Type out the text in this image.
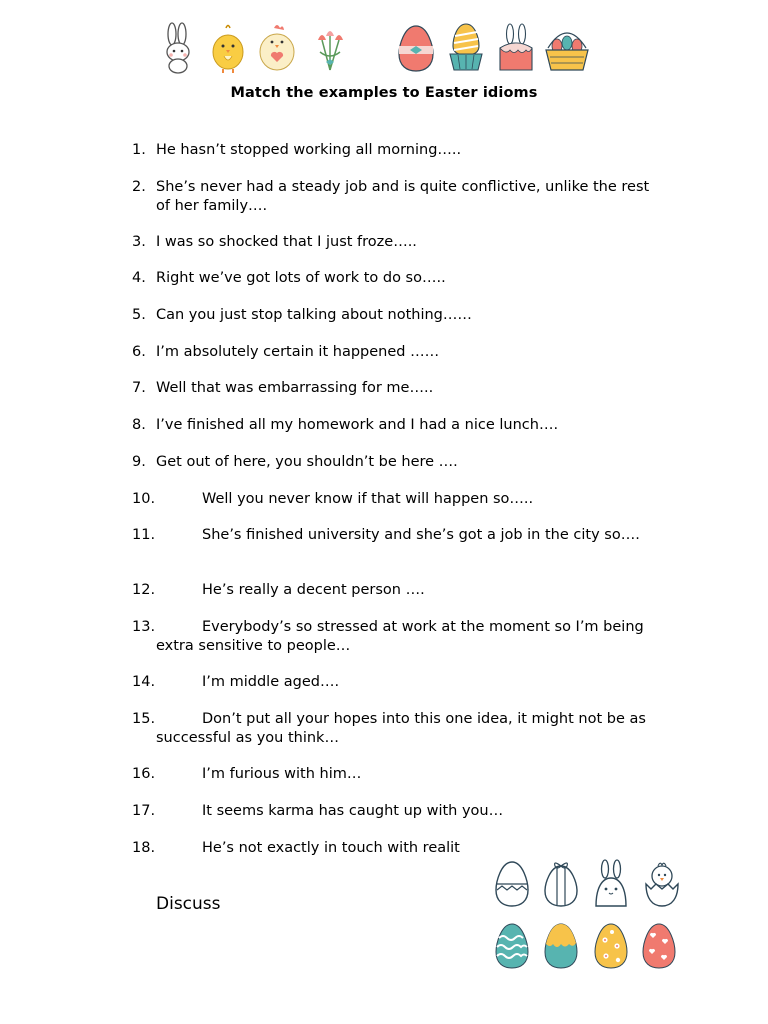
Match the examples to Easter idioms
1. He hasn’t stopped working all morning…..
2. She’s never had a steady job and is quite conflictive, unlike the rest of her family….
3. I was so shocked that I just froze…..
4. Right we’ve got lots of work to do so…..
5. Can you just stop talking about nothing……
6. I’m absolutely certain it happened ……
7. Well that was embarrassing for me…..
8. I’ve finished all my homework and I had a nice lunch….
9. Get out of here, you shouldn’t be here ….
10.	Well you never know if that will happen so…..
11.	She’s finished university and she’s got a job in the city so….
12.	He’s really a decent person ….
13.	Everybody’s so stressed at work at the moment so I’m being extra sensitive to people…
14.	I’m middle aged….
15.	Don’t put all your hopes into this one idea, it might not be as successful as you think…
16.	I’m furious with him…
17.	It seems karma has caught up with you…
18.	He’s not exactly in touch with realit
Discuss
